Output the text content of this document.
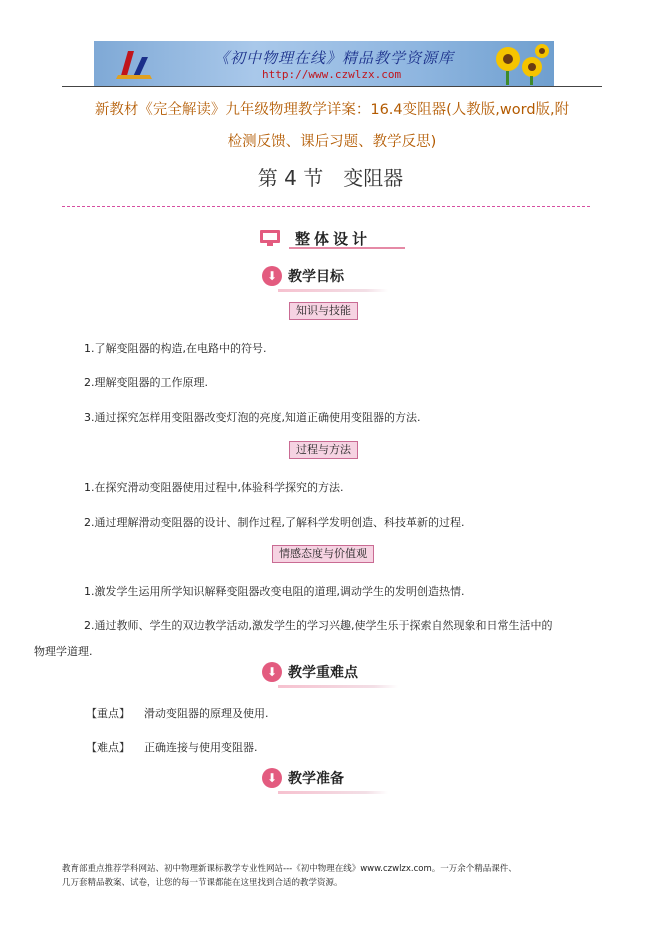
《初中物理在线》精品教学资源库
http://www.czwlzx.com
新教材《完全解读》九年级物理教学详案：16.4变阻器(人教版,word版,附
检测反馈、课后习题、教学反思)
第 4 节　变阻器
整体设计
⬇ 教学目标
知识与技能
1.了解变阻器的构造,在电路中的符号.
2.理解变阻器的工作原理.
3.通过探究怎样用变阻器改变灯泡的亮度,知道正确使用变阻器的方法.
过程与方法
1.在探究滑动变阻器使用过程中,体验科学探究的方法.
2.通过理解滑动变阻器的设计、制作过程,了解科学发明创造、科技革新的过程.
情感态度与价值观
1.激发学生运用所学知识解释变阻器改变电阻的道理,调动学生的发明创造热情.
2.通过教师、学生的双边教学活动,激发学生的学习兴趣,使学生乐于探索自然现象和日常生活中的
物理学道理.
⬇ 教学重难点
【重点】 滑动变阻器的原理及使用.
【难点】 正确连接与使用变阻器.
⬇ 教学准备
教育部重点推荐学科网站、初中物理新课标教学专业性网站---《初中物理在线》www.czwlzx.com。一万余个精品课件、
几万套精品教案、试卷，让您的每一节课都能在这里找到合适的教学资源。
